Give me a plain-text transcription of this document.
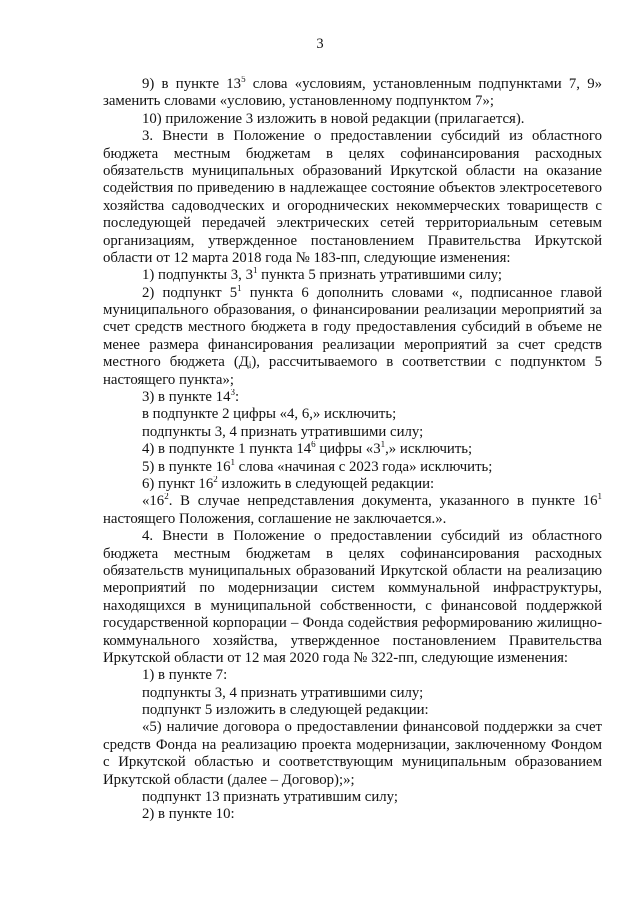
3
9) в пункте $13^5$ слова «условиям, установленным подпунктами 7, 9»
заменить словами «условию, установленному подпунктом 7»;
10) приложение 3 изложить в новой редакции (прилагается).
3. Внести в Положение о предоставлении субсидий из областного
бюджета местным бюджетам в целях софинансирования расходных
обязательств муниципальных образований Иркутской области на оказание
содействия по приведению в надлежащее состояние объектов электросетевого
хозяйства садоводческих и огороднических некоммерческих товариществ с
последующей передачей электрических сетей территориальным сетевым
организациям, утвержденное постановлением Правительства Иркутской
области от 12 марта 2018 года № 183-пп, следующие изменения:
1) подпункты 3, $3^1$ пункта 5 признать утратившими силу;
2) подпункт $5^1$ пункта 6 дополнить словами «, подписанное главой
муниципального образования, о финансировании реализации мероприятий за
счет средств местного бюджета в году предоставления субсидий в объеме не
менее размера финансирования реализации мероприятий за счет средств
местного бюджета $(Д_i)$, рассчитываемого в соответствии с подпунктом 5
настоящего пункта»;
3) в пункте $14^3$:
в подпункте 2 цифры «4, 6,» исключить;
подпункты 3, 4 признать утратившими силу;
4) в подпункте 1 пункта $14^6$ цифры «$3^1$,» исключить;
5) в пункте $16^1$ слова «начиная с 2023 года» исключить;
6) пункт $16^2$ изложить в следующей редакции:
«$16^2$. В случае непредставления документа, указанного в пункте $16^1$
настоящего Положения, соглашение не заключается.».
4. Внести в Положение о предоставлении субсидий из областного
бюджета местным бюджетам в целях софинансирования расходных
обязательств муниципальных образований Иркутской области на реализацию
мероприятий по модернизации систем коммунальной инфраструктуры,
находящихся в муниципальной собственности, с финансовой поддержкой
государственной корпорации – Фонда содействия реформированию жилищно-
коммунального хозяйства, утвержденное постановлением Правительства
Иркутской области от 12 мая 2020 года № 322-пп, следующие изменения:
1) в пункте 7:
подпункты 3, 4 признать утратившими силу;
подпункт 5 изложить в следующей редакции:
«5) наличие договора о предоставлении финансовой поддержки за счет
средств Фонда на реализацию проекта модернизации, заключенному Фондом
с Иркутской областью и соответствующим муниципальным образованием
Иркутской области (далее – Договор);»;
подпункт 13 признать утратившим силу;
2) в пункте 10:
